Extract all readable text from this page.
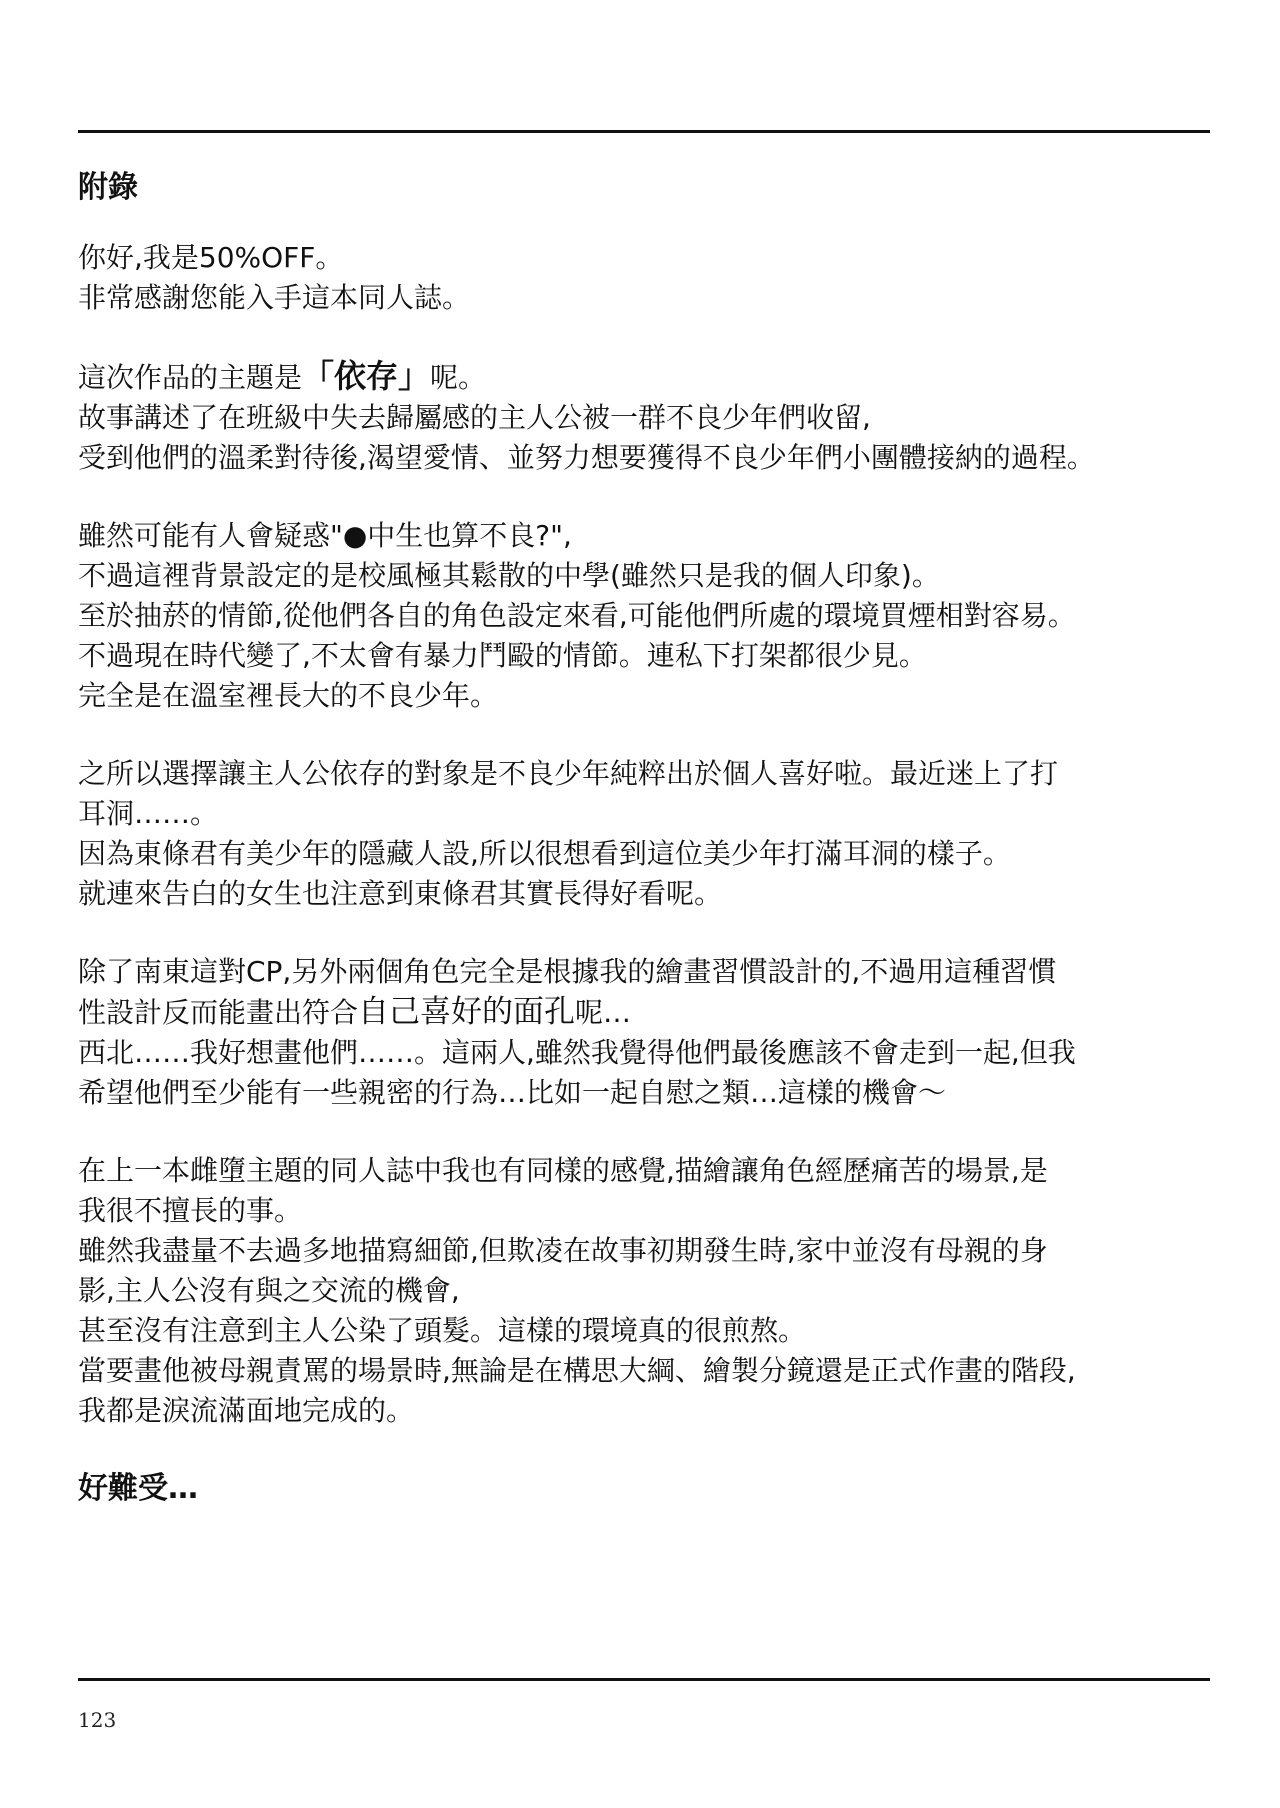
附錄
你好,我是50%OFF。
非常感謝您能入手這本同人誌。
這次作品的主題是「依存」呢。
故事講述了在班級中失去歸屬感的主人公被一群不良少年們收留,
受到他們的溫柔對待後,渴望愛情、並努力想要獲得不良少年們小團體接納的過程。
雖然可能有人會疑惑"●中生也算不良?",
不過這裡背景設定的是校風極其鬆散的中學(雖然只是我的個人印象)。
至於抽菸的情節,從他們各自的角色設定來看,可能他們所處的環境買煙相對容易。
不過現在時代變了,不太會有暴力鬥毆的情節。連私下打架都很少見。
完全是在溫室裡長大的不良少年。
之所以選擇讓主人公依存的對象是不良少年純粹出於個人喜好啦。最近迷上了打
耳洞……。
因為東條君有美少年的隱藏人設,所以很想看到這位美少年打滿耳洞的樣子。
就連來告白的女生也注意到東條君其實長得好看呢。
除了南東這對CP,另外兩個角色完全是根據我的繪畫習慣設計的,不過用這種習慣
性設計反而能畫出符合自己喜好的面孔呢…
西北……我好想畫他們……。這兩人,雖然我覺得他們最後應該不會走到一起,但我
希望他們至少能有一些親密的行為…比如一起自慰之類…這樣的機會～
在上一本雌墮主題的同人誌中我也有同樣的感覺,描繪讓角色經歷痛苦的場景,是
我很不擅長的事。
雖然我盡量不去過多地描寫細節,但欺凌在故事初期發生時,家中並沒有母親的身
影,主人公沒有與之交流的機會,
甚至沒有注意到主人公染了頭髮。這樣的環境真的很煎熬。
當要畫他被母親責罵的場景時,無論是在構思大綱、繪製分鏡還是正式作畫的階段,
我都是淚流滿面地完成的。
好難受…
123
